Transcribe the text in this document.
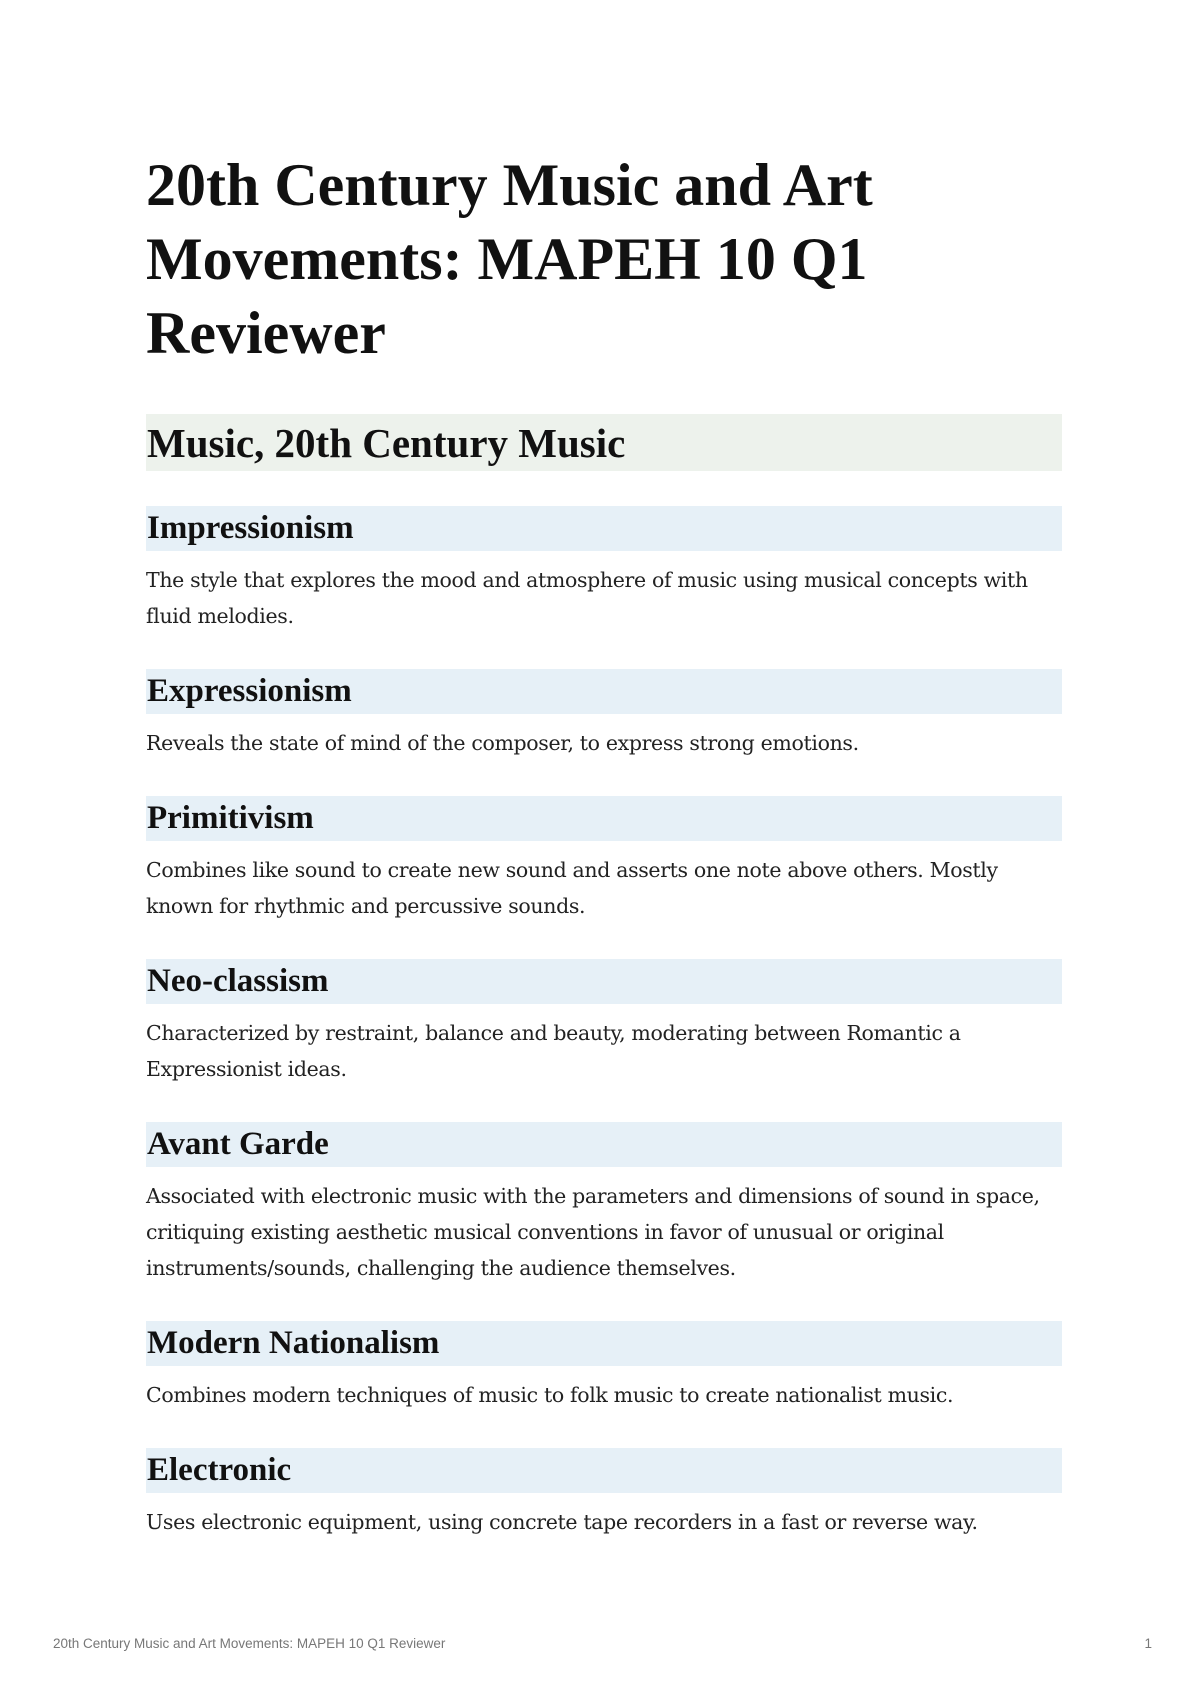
20th Century Music and Art Movements: MAPEH 10 Q1 Reviewer
Music, 20th Century Music
Impressionism

The style that explores the mood and atmosphere of music using musical concepts with fluid melodies.

Expressionism

Reveals the state of mind of the composer, to express strong emotions.

Primitivism

Combines like sound to create new sound and asserts one note above others. Mostly known for rhythmic and percussive sounds.

Neo-classism

Characterized by restraint, balance and beauty, moderating between Romantic a Expressionist ideas.

Avant Garde

Associated with electronic music with the parameters and dimensions of sound in space, critiquing existing aesthetic musical conventions in favor of unusual or original instruments/sounds, challenging the audience themselves.

Modern Nationalism

Combines modern techniques of music to folk music to create nationalist music.

Electronic

Uses electronic equipment, using concrete tape recorders in a fast or reverse way.

20th Century Music and Art Movements: MAPEH 10 Q1 Reviewer	1
